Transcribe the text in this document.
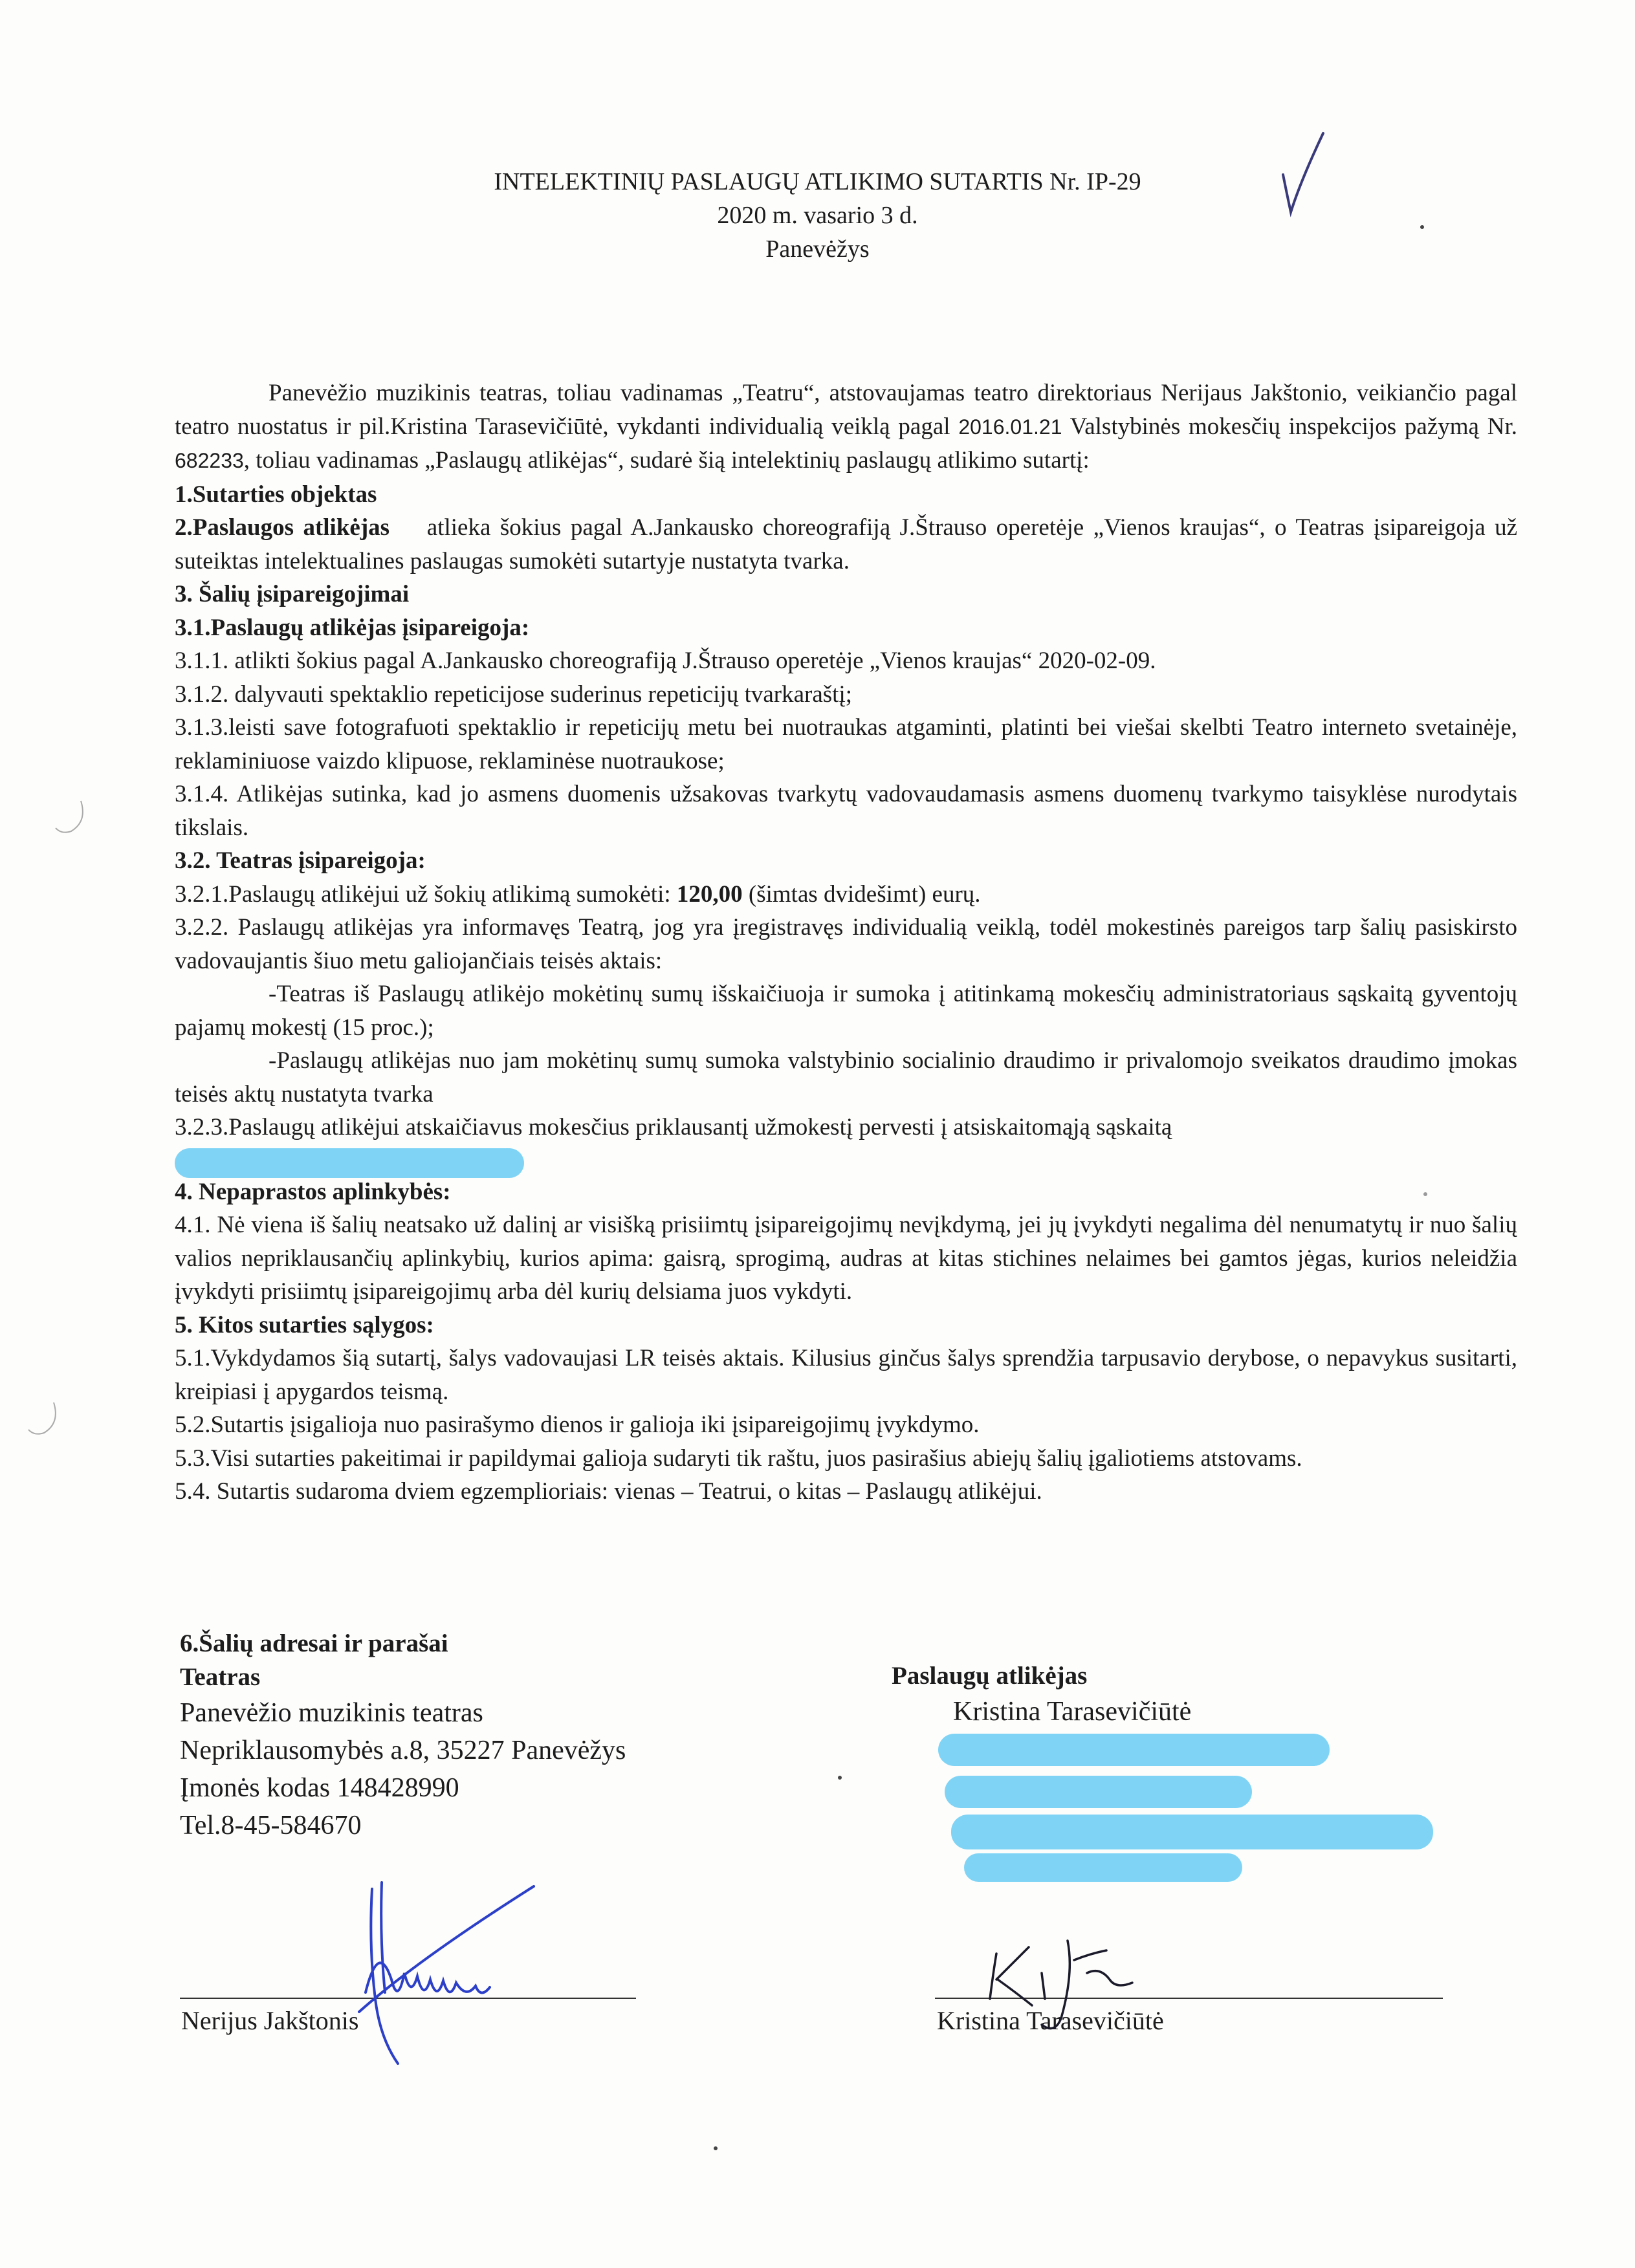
INTELEKTINIŲ PASLAUGŲ ATLIKIMO SUTARTIS Nr. IP-29
2020 m. vasario 3 d.
Panevėžys

Panevėžio muzikinis teatras, toliau vadinamas „Teatru“, atstovaujamas teatro direktoriaus Nerijaus Jakštonio, veikiančio pagal teatro nuostatus ir pil.Kristina Tarasevičiūtė, vykdanti individualią veiklą pagal 2016.01.21 Valstybinės mokesčių inspekcijos pažymą Nr. 682233, toliau vadinamas „Paslaugų atlikėjas“, sudarė šią intelektinių paslaugų atlikimo sutartį:

1.Sutarties objektas

2.Paslaugos atlikėjas    atlieka šokius pagal A.Jankausko choreografiją J.Štrauso operetėje „Vienos kraujas“, o Teatras įsipareigoja už suteiktas intelektualines paslaugas sumokėti sutartyje nustatyta tvarka.

3. Šalių įsipareigojimai

3.1.Paslaugų atlikėjas įsipareigoja:

3.1.1. atlikti šokius pagal A.Jankausko choreografiją J.Štrauso operetėje „Vienos kraujas“ 2020-02-09.

3.1.2. dalyvauti spektaklio repeticijose suderinus repeticijų tvarkaraštį;

3.1.3.leisti save fotografuoti spektaklio ir repeticijų metu bei nuotraukas atgaminti, platinti bei viešai skelbti Teatro interneto svetainėje, reklaminiuose vaizdo klipuose, reklaminėse nuotraukose;

3.1.4. Atlikėjas sutinka, kad jo asmens duomenis užsakovas tvarkytų vadovaudamasis asmens duomenų tvarkymo taisyklėse nurodytais tikslais.

3.2. Teatras įsipareigoja:

3.2.1.Paslaugų atlikėjui už šokių atlikimą sumokėti: 120,00 (šimtas dvidešimt) eurų.

3.2.2. Paslaugų atlikėjas yra informavęs Teatrą, jog yra įregistravęs individualią veiklą, todėl mokestinės pareigos tarp šalių pasiskirsto vadovaujantis šiuo metu galiojančiais teisės aktais:

-Teatras iš Paslaugų atlikėjo mokėtinų sumų išskaičiuoja ir sumoka į atitinkamą mokesčių administratoriaus sąskaitą gyventojų pajamų mokestį (15 proc.);

-Paslaugų atlikėjas nuo jam mokėtinų sumų sumoka valstybinio socialinio draudimo ir privalomojo sveikatos draudimo įmokas teisės aktų nustatyta tvarka

3.2.3.Paslaugų atlikėjui atskaičiavus mokesčius priklausantį užmokestį pervesti į atsiskaitomąją sąskaitą

4. Nepaprastos aplinkybės:

4.1. Nė viena iš šalių neatsako už dalinį ar visišką prisiimtų įsipareigojimų nevįkdymą, jei jų įvykdyti negalima dėl nenumatytų ir nuo šalių valios nepriklausančių aplinkybių, kurios apima: gaisrą, sprogimą, audras at kitas stichines nelaimes bei gamtos jėgas, kurios neleidžia įvykdyti prisiimtų įsipareigojimų arba dėl kurių delsiama juos vykdyti.

5. Kitos sutarties sąlygos:

5.1.Vykdydamos šią sutartį, šalys vadovaujasi LR teisės aktais. Kilusius ginčus šalys sprendžia tarpusavio derybose, o nepavykus susitarti, kreipiasi į apygardos teismą.

5.2.Sutartis įsigalioja nuo pasirašymo dienos ir galioja iki įsipareigojimų įvykdymo.

5.3.Visi sutarties pakeitimai ir papildymai galioja sudaryti tik raštu, juos pasirašius abiejų šalių įgaliotiems atstovams.

5.4. Sutartis sudaroma dviem egzemplioriais: vienas – Teatrui, o kitas – Paslaugų atlikėjui.

6.Šalių adresai ir parašai
Teatras
Panevėžio muzikinis teatras
Nepriklausomybės a.8, 35227 Panevėžys
Įmonės kodas 148428990
Tel.8-45-584670
Paslaugų atlikėjas
Kristina Tarasevičiūtė
Nerijus Jakštonis	Kristina Tarasevičiūtė
